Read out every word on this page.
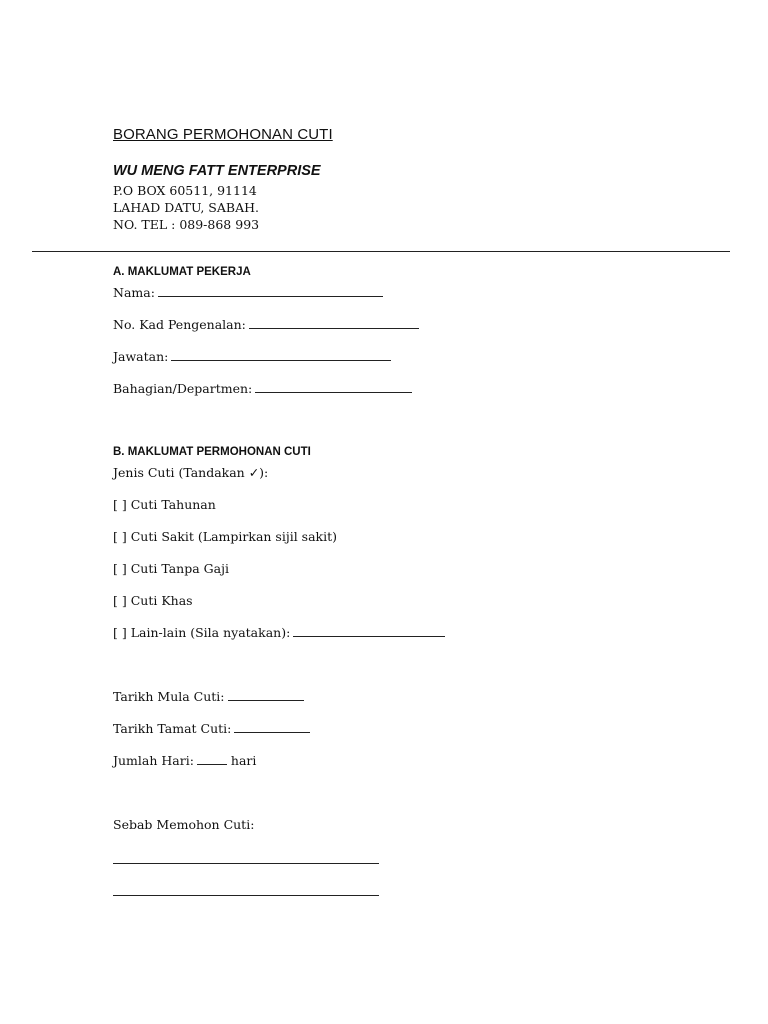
BORANG PERMOHONAN CUTI
WU MENG FATT ENTERPRISE
P.O BOX 60511, 91114
LAHAD DATU, SABAH.
NO. TEL : 089-868 993
A. MAKLUMAT PEKERJA
Nama:
No. Kad Pengenalan:
Jawatan:
Bahagian/Departmen:
B. MAKLUMAT PERMOHONAN CUTI
Jenis Cuti (Tandakan ✓):
[ ] Cuti Tahunan
[ ] Cuti Sakit (Lampirkan sijil sakit)
[ ] Cuti Tanpa Gaji
[ ] Cuti Khas
[ ] Lain-lain (Sila nyatakan):
Tarikh Mula Cuti:
Tarikh Tamat Cuti:
Jumlah Hari:	hari
Sebab Memohon Cuti:
